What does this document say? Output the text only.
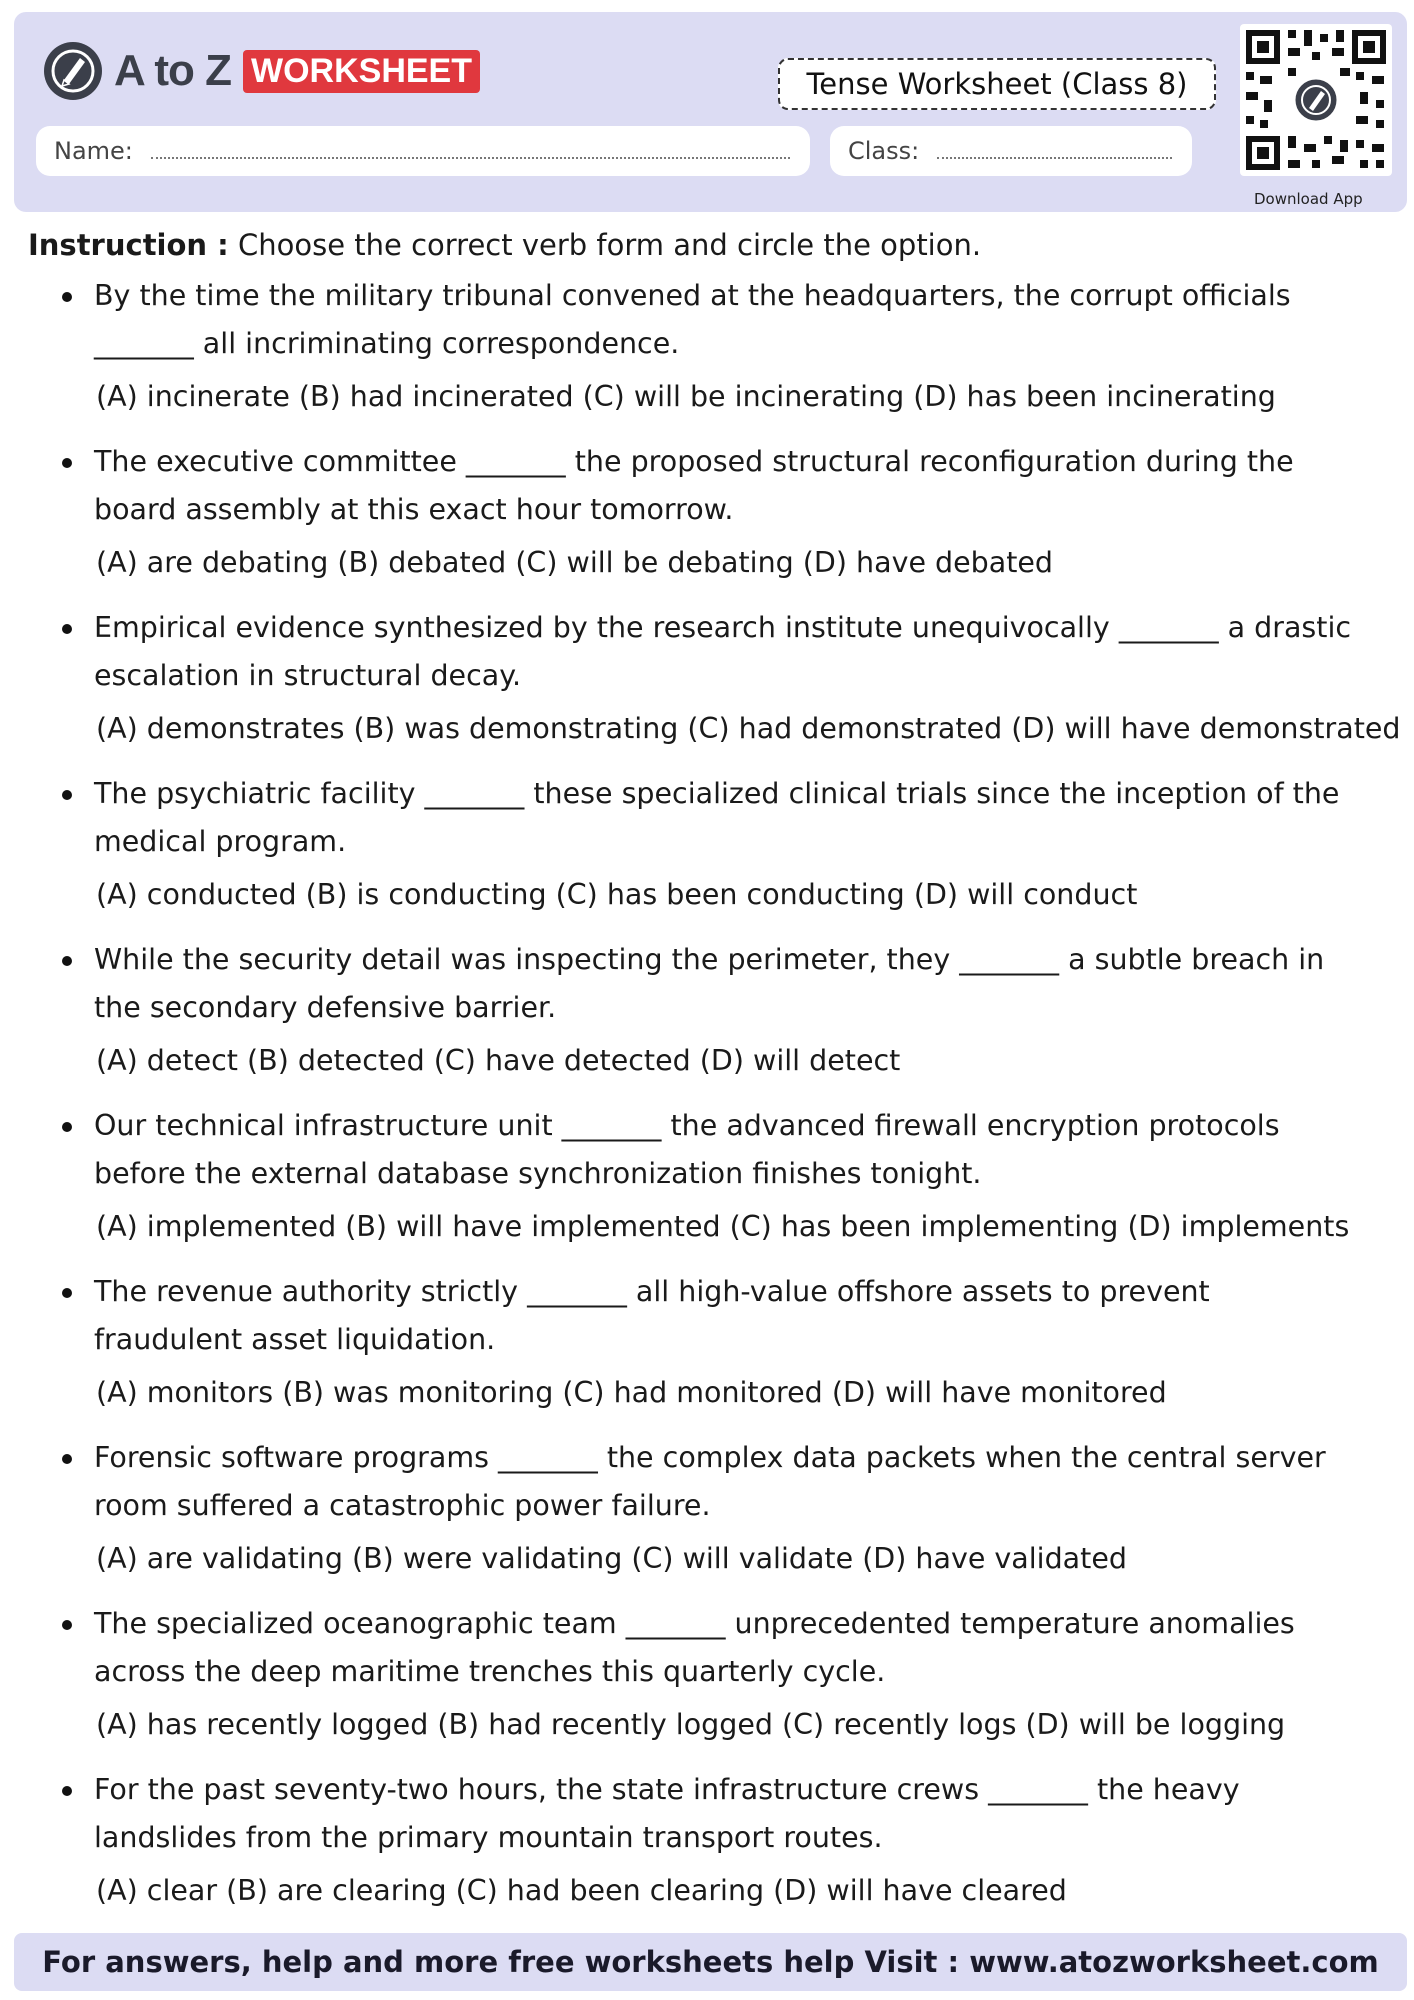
A to Z WORKSHEET	Tense Worksheet (Class 8)
Name:	Class:
Download App
Instruction : Choose the correct verb form and circle the option.
By the time the military tribunal convened at the headquarters, the corrupt officials _______ all incriminating correspondence.
(A) incinerate (B) had incinerated (C) will be incinerating (D) has been incinerating
The executive committee _______ the proposed structural reconfiguration during the board assembly at this exact hour tomorrow.
(A) are debating (B) debated (C) will be debating (D) have debated
Empirical evidence synthesized by the research institute unequivocally _______ a drastic escalation in structural decay.
(A) demonstrates (B) was demonstrating (C) had demonstrated (D) will have demonstrated
The psychiatric facility _______ these specialized clinical trials since the inception of the medical program.
(A) conducted (B) is conducting (C) has been conducting (D) will conduct
While the security detail was inspecting the perimeter, they _______ a subtle breach in the secondary defensive barrier.
(A) detect (B) detected (C) have detected (D) will detect
Our technical infrastructure unit _______ the advanced firewall encryption protocols before the external database synchronization finishes tonight.
(A) implemented (B) will have implemented (C) has been implementing (D) implements
The revenue authority strictly _______ all high-value offshore assets to prevent fraudulent asset liquidation.
(A) monitors (B) was monitoring (C) had monitored (D) will have monitored
Forensic software programs _______ the complex data packets when the central server room suffered a catastrophic power failure.
(A) are validating (B) were validating (C) will validate (D) have validated
The specialized oceanographic team _______ unprecedented temperature anomalies across the deep maritime trenches this quarterly cycle.
(A) has recently logged (B) had recently logged (C) recently logs (D) will be logging
For the past seventy-two hours, the state infrastructure crews _______ the heavy landslides from the primary mountain transport routes.
(A) clear (B) are clearing (C) had been clearing (D) will have cleared
For answers, help and more free worksheets help Visit : www.atozworksheet.com
